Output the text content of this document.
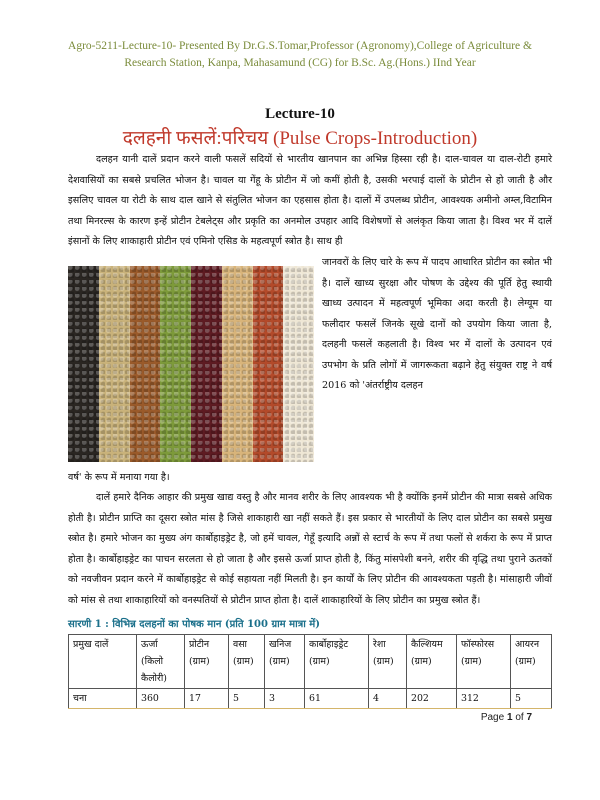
Agro-5211-Lecture-10- Presented By Dr.G.S.Tomar,Professor (Agronomy),College of Agriculture &
Research Station, Kanpa, Mahasamund (CG) for B.Sc. Ag.(Hons.) IInd Year
Lecture-10
दलहनी फसलें:परिचय (Pulse Crops-Introduction)
दलहन यानी दालें प्रदान करने वाली फसलें सदियों से भारतीय खानपान का अभिन्न हिस्सा रही है। दाल-चावल या दाल-रोटी हमारे देशवासियों का सबसे प्रचलित भोजन है। चावल या गेंहू के प्रोटीन में जो कमीं होती है, उसकी भरपाई दालों के प्रोटीन से हो जाती है और इसलिए चावल या रोटी के साथ दाल खाने से संतुलित भोजन का एहसास होता है। दालों में उपलब्ध प्रोटीन, आवश्यक अमीनो अम्ल,विटामिन तथा मिनरल्स के कारण इन्हें प्रोटीन टेबलेट्स और प्रकृति का अनमोल उपहार आदि विशेषणों से अलंकृत किया जाता है। विश्व भर में दालें इंसानों के लिए शाकाहारी प्रोटीन एवं एमिनो एसिड के महत्वपूर्ण स्त्रोत है। साथ ही
जानवरों के लिए चारे के रूप में पादप आधारित प्रोटीन का स्त्रोत भी है। दालें खाध्य सुरक्षा और पोषण के उद्देश्य की पूर्ति हेतु स्थायी खाध्य उत्पादन में महत्वपूर्ण भूमिका अदा करती है। लेग्यूम या फलीदार फसलें जिनके सूखे दानों को उपयोग किया जाता है, दलहनी फसलें कहलाती है। विश्व भर में दालों के उत्पादन एवं उपभोग के प्रति लोगों में जागरूकता बढ़ाने हेतु संयुक्त राष्ट्र ने वर्ष 2016 को 'अंतर्राष्ट्रीय दलहन
वर्ष' के रूप में मनाया गया है।
दालें हमारे दैनिक आहार की प्रमुख खाद्य वस्तु है और मानव शरीर के लिए आवश्यक भी है क्योंकि इनमें प्रोटीन की मात्रा सबसे अधिक होती है। प्रोटीन प्राप्ति का दूसरा स्त्रोत मांस है जिसे शाकाहारी खा नहीं सकते हैं। इस प्रकार से भारतीयों के लिए दाल प्रोटीन का सबसे प्रमुख स्त्रोत है। हमारे भोजन का मुख्य अंग कार्बोहाइड्रेट है, जो हमें चावल, गेहूँ इत्यादि अन्नों से स्टार्च के रूप में तथा फलों से शर्करा के रूप में प्राप्त होता है। कार्बोहाइड्रेट का पाचन सरलता से हो जाता है और इससे ऊर्जा प्राप्त होती है, किंतु मांसपेशी बनने, शरीर की वृद्धि तथा पुराने ऊतकों को नवजीवन प्रदान करने में कार्बोहाइड्रेट से कोई सहायता नहीं मिलती है। इन कार्यों के लिए प्रोटीन की आवश्यकता पड़ती है। मांसाहारी जीवों को मांस से तथा शाकाहारियों को वनस्पतियों से प्रोटीन प्राप्त होता है। दालें शाकाहारियों के लिए प्रोटीन का प्रमुख स्त्रोत हैं।
सारणी 1 : विभिन्न दलहनों का पोषक मान (प्रति 100 ग्राम मात्रा में)
प्रमुख दालें	ऊर्जा (किलो कैलोरी)	प्रोटीन (ग्राम)	वसा (ग्राम)	खनिज (ग्राम)	कार्बोहाइड्रेट (ग्राम)	रेशा (ग्राम)	कैल्शियम (ग्राम)	फॉस्फोरस (ग्राम)	आयरन (ग्राम)
चना	360	17	5	3	61	4	202	312	5
Page 1 of 7
